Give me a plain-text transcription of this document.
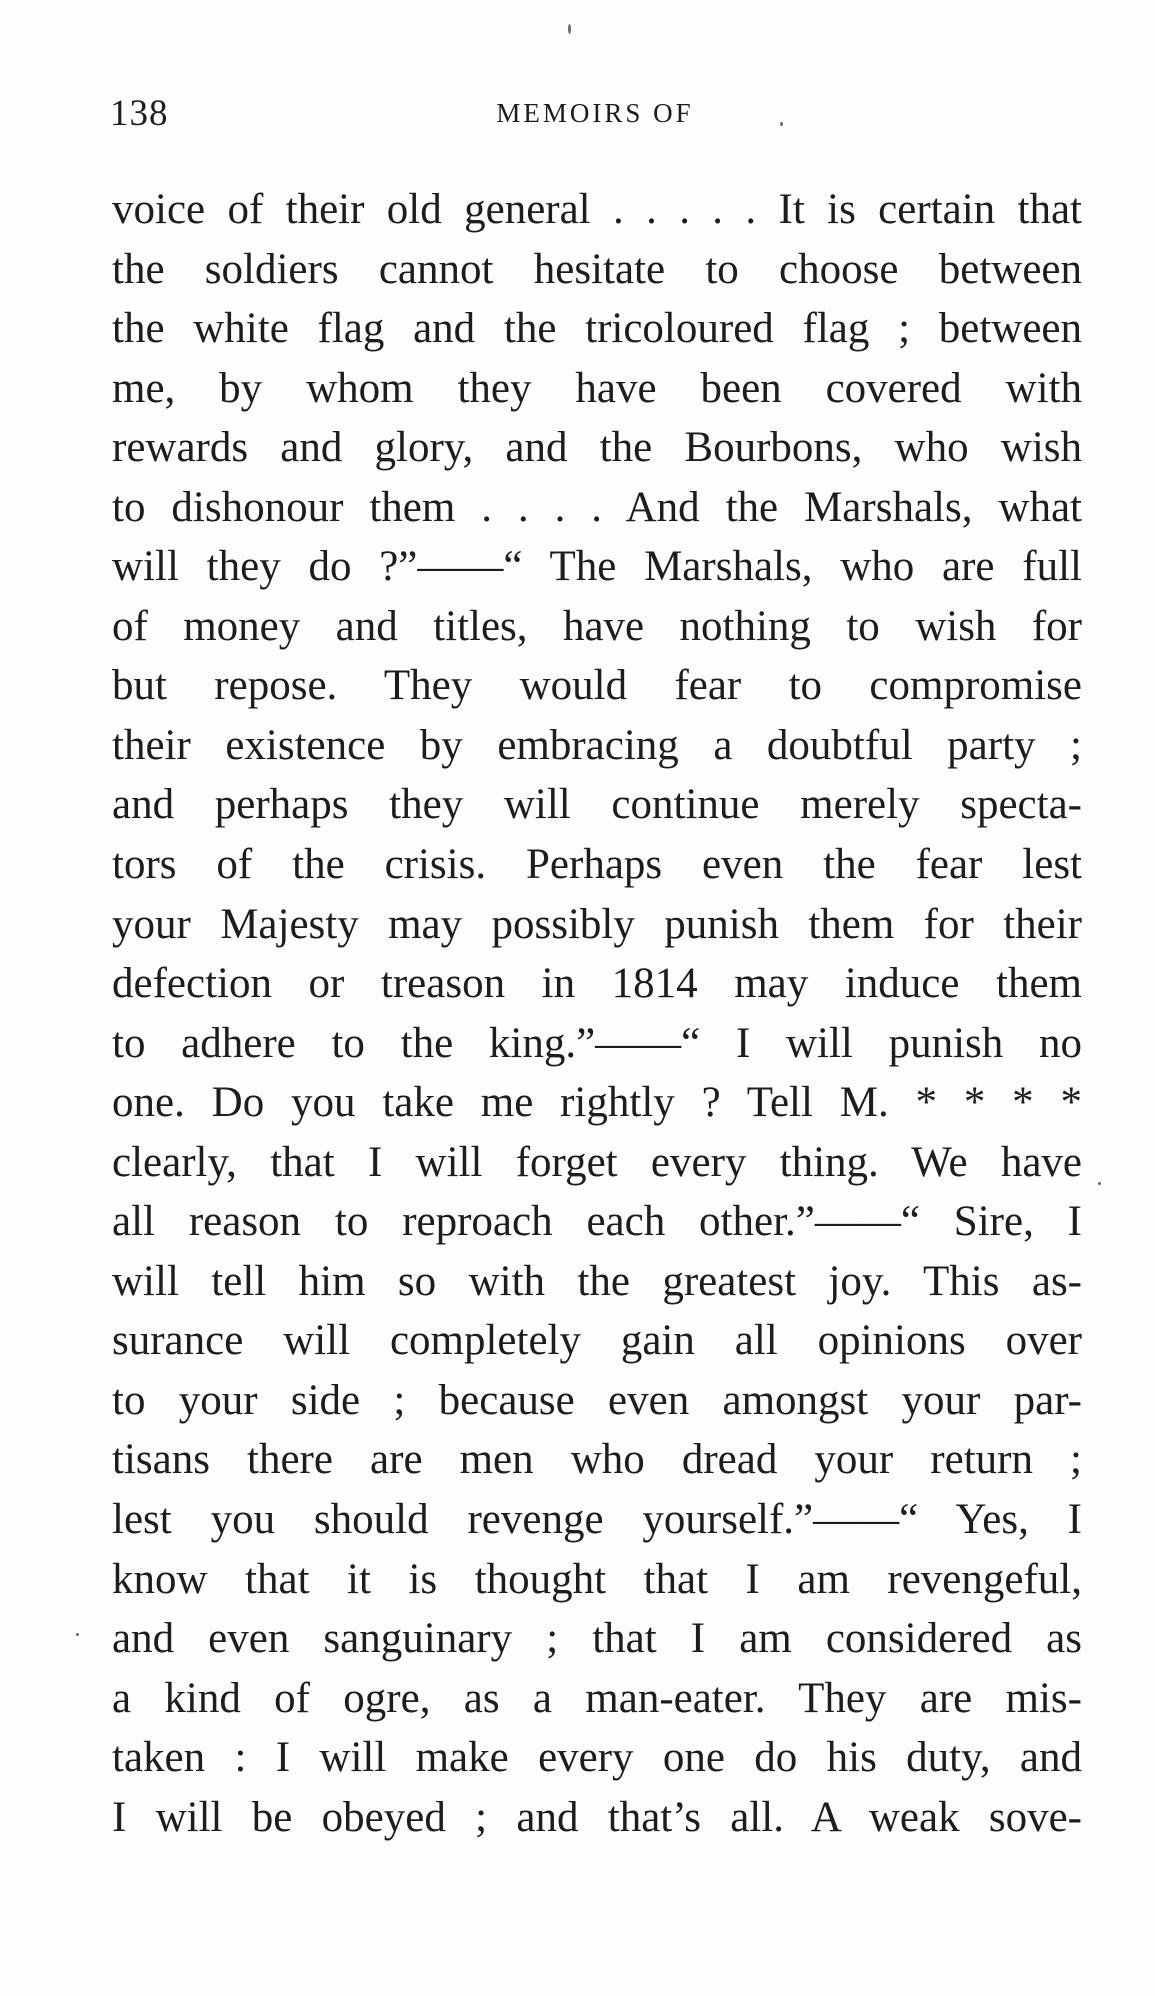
138	MEMOIRS OF
voice of their old general . . . . . It is certain that
the soldiers cannot hesitate to choose between
the white flag and the tricoloured flag ; between
me, by whom they have been covered with
rewards and glory, and the Bourbons, who wish
to dishonour them . . . . And the Marshals, what
will they do ?”——“ The Marshals, who are full
of money and titles, have nothing to wish for
but repose. They would fear to compromise
their existence by embracing a doubtful party ;
and perhaps they will continue merely specta-
tors of the crisis. Perhaps even the fear lest
your Majesty may possibly punish them for their
defection or treason in 1814 may induce them
to adhere to the king.”——“ I will punish no
one. Do you take me rightly ? Tell M. * * * *
clearly, that I will forget every thing. We have
all reason to reproach each other.”——“ Sire, I
will tell him so with the greatest joy. This as-
surance will completely gain all opinions over
to your side ; because even amongst your par-
tisans there are men who dread your return ;
lest you should revenge yourself.”——“ Yes, I
know that it is thought that I am revengeful,
and even sanguinary ; that I am considered as
a kind of ogre, as a man-eater. They are mis-
taken : I will make every one do his duty, and
I will be obeyed ; and that’s all. A weak sove-
